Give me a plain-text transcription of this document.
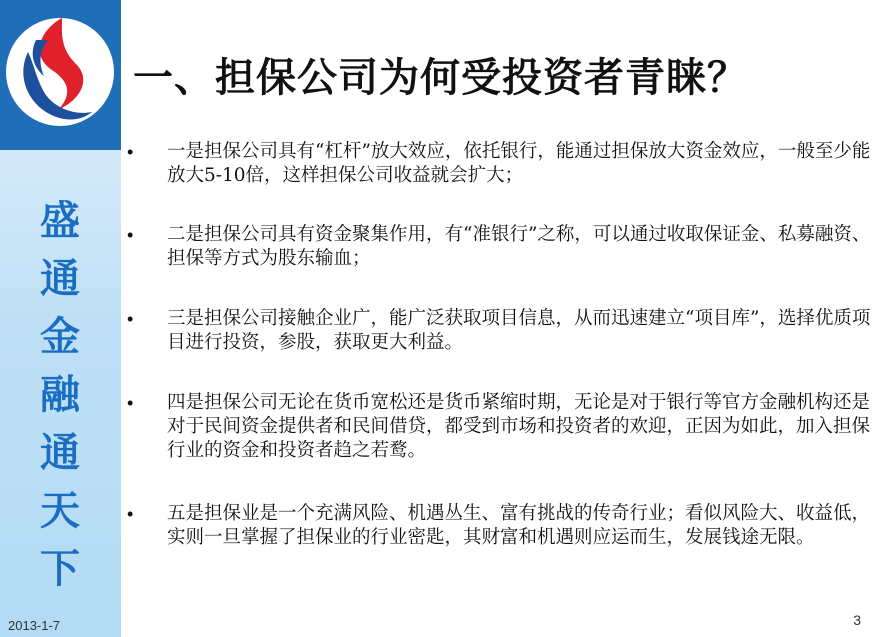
盛
通
金
融
通
天
下
2013-1-7
一、担保公司为何受投资者青睐？
• 一是担保公司具有“杠杆”放大效应，依托银行，能通过担保放大资金效应，一般至少能放大5-10倍，这样担保公司收益就会扩大；
• 二是担保公司具有资金聚集作用，有“准银行”之称，可以通过收取保证金、私募融资、担保等方式为股东输血；
• 三是担保公司接触企业广，能广泛获取项目信息，从而迅速建立“项目库”，选择优质项目进行投资，参股，获取更大利益。
• 四是担保公司无论在货币宽松还是货币紧缩时期，无论是对于银行等官方金融机构还是对于民间资金提供者和民间借贷，都受到市场和投资者的欢迎，正因为如此，加入担保行业的资金和投资者趋之若鹜。
• 五是担保业是一个充满风险、机遇丛生、富有挑战的传奇行业；看似风险大、收益低，实则一旦掌握了担保业的行业密匙，其财富和机遇则应运而生，发展钱途无限。
3
